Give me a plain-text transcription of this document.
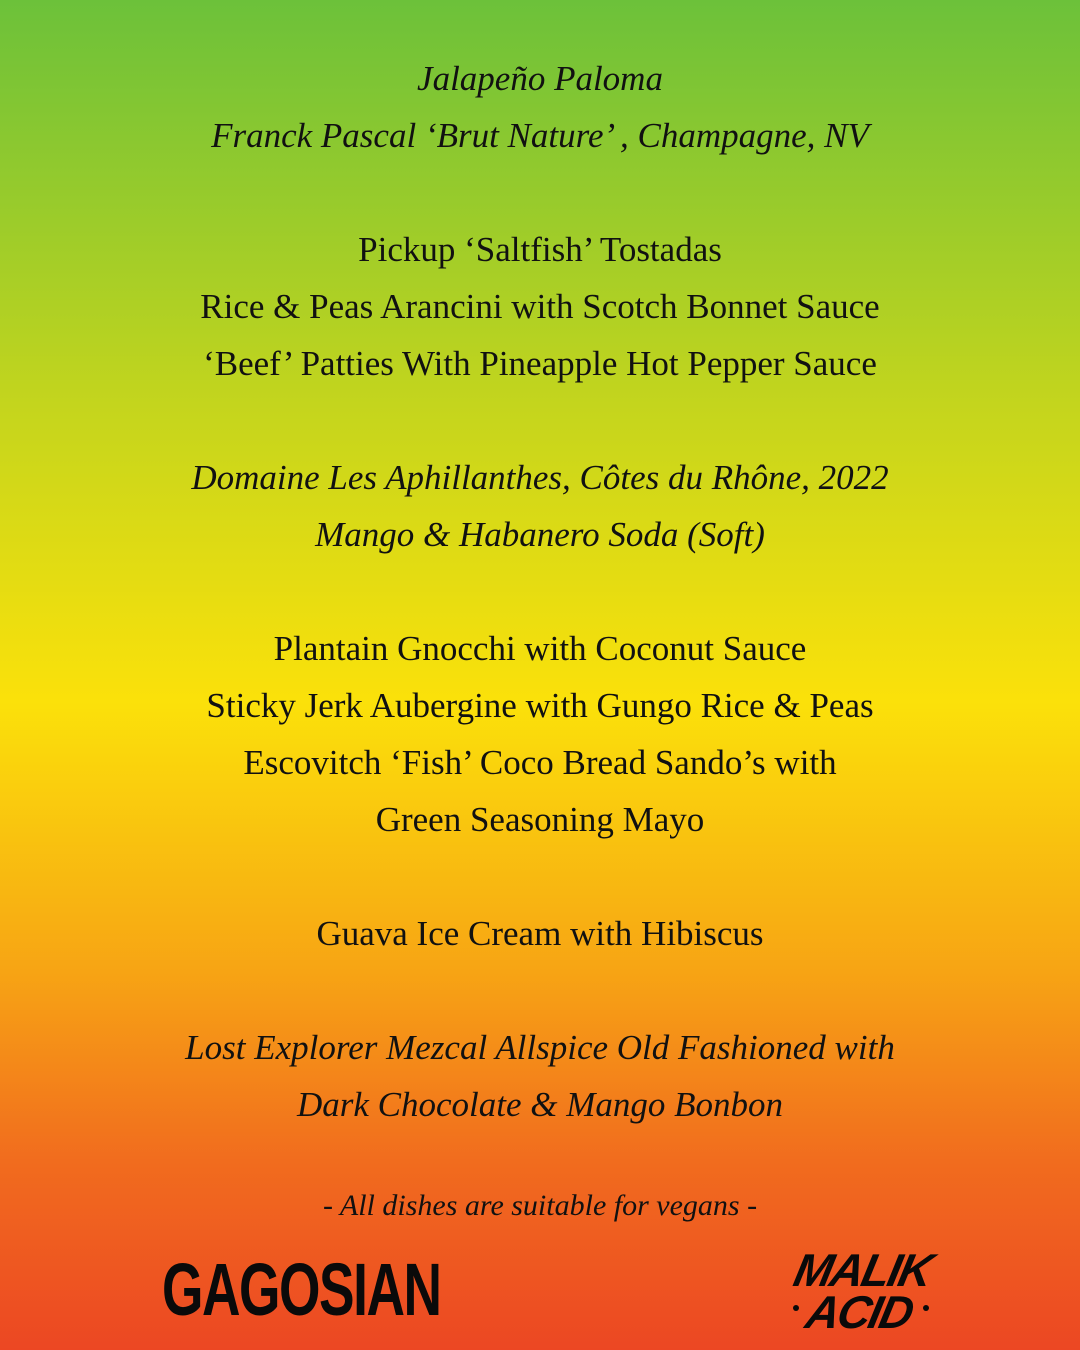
Jalapeño Paloma
Franck Pascal ‘Brut Nature’ , Champagne, NV
Pickup ‘Saltfish’ Tostadas
Rice & Peas Arancini with Scotch Bonnet Sauce
‘Beef’ Patties With Pineapple Hot Pepper Sauce
Domaine Les Aphillanthes, Côtes du Rhône, 2022
Mango & Habanero Soda (Soft)
Plantain Gnocchi with Coconut Sauce
Sticky Jerk Aubergine with Gungo Rice & Peas
Escovitch ‘Fish’ Coco Bread Sando’s with
Green Seasoning Mayo
Guava Ice Cream with Hibiscus
Lost Explorer Mezcal Allspice Old Fashioned with
Dark Chocolate & Mango Bonbon
- All dishes are suitable for vegans -
GAGOSIAN	MALIK
ACID
